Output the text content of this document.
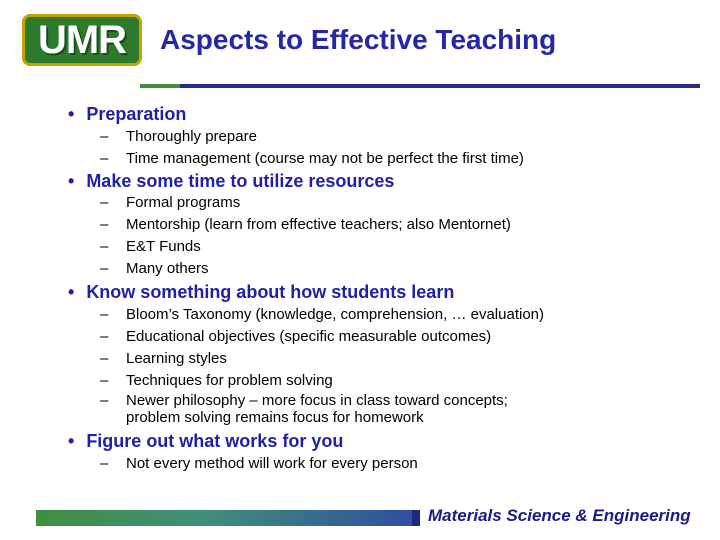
UMR Aspects to Effective Teaching
• Preparation
– Thoroughly prepare
– Time management (course may not be perfect the first time)
• Make some time to utilize resources
– Formal programs
– Mentorship (learn from effective teachers; also Mentornet)
– E&T Funds
– Many others
• Know something about how students learn
– Bloom’s Taxonomy (knowledge, comprehension, … evaluation)
– Educational objectives (specific measurable outcomes)
– Learning styles
– Techniques for problem solving
– Newer philosophy – more focus in class toward concepts;
problem solving remains focus for homework
• Figure out what works for you
– Not every method will work for every person
Materials Science & Engineering
